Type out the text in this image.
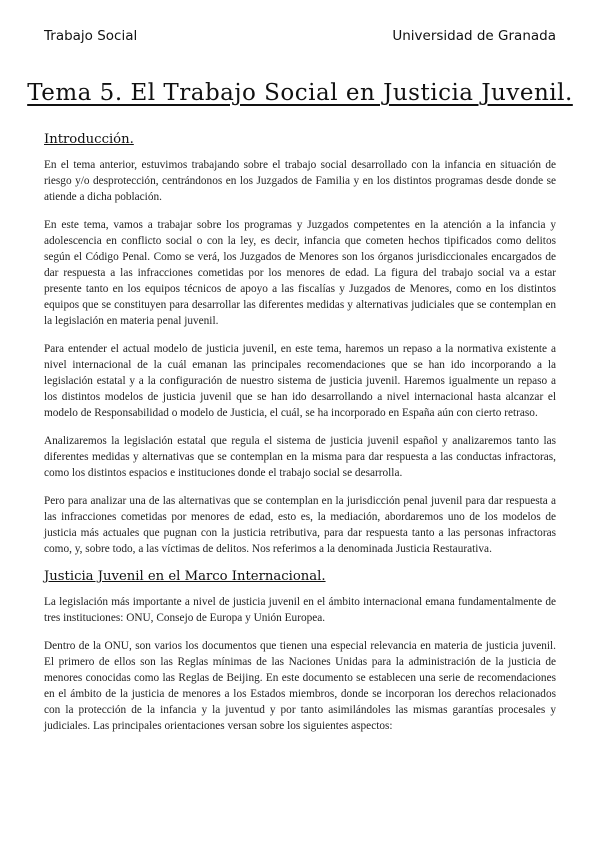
Trabajo Social	Universidad de Granada
Tema 5. El Trabajo Social en Justicia Juvenil.
Introducción.

En el tema anterior, estuvimos trabajando sobre el trabajo social desarrollado con la infancia en situación de riesgo y/o desprotección, centrándonos en los Juzgados de Familia y en los distintos programas desde donde se atiende a dicha población.

En este tema, vamos a trabajar sobre los programas y Juzgados competentes en la atención a la infancia y adolescencia en conflicto social o con la ley, es decir, infancia que cometen hechos tipificados como delitos según el Código Penal. Como se verá, los Juzgados de Menores son los órganos jurisdiccionales encargados de dar respuesta a las infracciones cometidas por los menores de edad. La figura del trabajo social va a estar presente tanto en los equipos técnicos de apoyo a las fiscalías y Juzgados de Menores, como en los distintos equipos que se constituyen para desarrollar las diferentes medidas y alternativas judiciales que se contemplan en la legislación en materia penal juvenil.

Para entender el actual modelo de justicia juvenil, en este tema, haremos un repaso a la normativa existente a nivel internacional de la cuál emanan las principales recomendaciones que se han ido incorporando a la legislación estatal y a la configuración de nuestro sistema de justicia juvenil. Haremos igualmente un repaso a los distintos modelos de justicia juvenil que se han ido desarrollando a nivel internacional hasta alcanzar el modelo de Responsabilidad o modelo de Justicia, el cuál, se ha incorporado en España aún con cierto retraso.

Analizaremos la legislación estatal que regula el sistema de justicia juvenil español y analizaremos tanto las diferentes medidas y alternativas que se contemplan en la misma para dar respuesta a las conductas infractoras, como los distintos espacios e instituciones donde el trabajo social se desarrolla.

Pero para analizar una de las alternativas que se contemplan en la jurisdicción penal juvenil para dar respuesta a las infracciones cometidas por menores de edad, esto es, la mediación, abordaremos uno de los modelos de justicia más actuales que pugnan con la justicia retributiva, para dar respuesta tanto a las personas infractoras como, y, sobre todo, a las víctimas de delitos. Nos referimos a la denominada Justicia Restaurativa.

Justicia Juvenil en el Marco Internacional.

La legislación más importante a nivel de justicia juvenil en el ámbito internacional emana fundamentalmente de tres instituciones: ONU, Consejo de Europa y Unión Europea.

Dentro de la ONU, son varios los documentos que tienen una especial relevancia en materia de justicia juvenil. El primero de ellos son las Reglas mínimas de las Naciones Unidas para la administración de la justicia de menores conocidas como las Reglas de Beijing. En este documento se establecen una serie de recomendaciones en el ámbito de la justicia de menores a los Estados miembros, donde se incorporan los derechos relacionados con la protección de la infancia y la juventud y por tanto asimilándoles las mismas garantías procesales y judiciales. Las principales orientaciones versan sobre los siguientes aspectos:
